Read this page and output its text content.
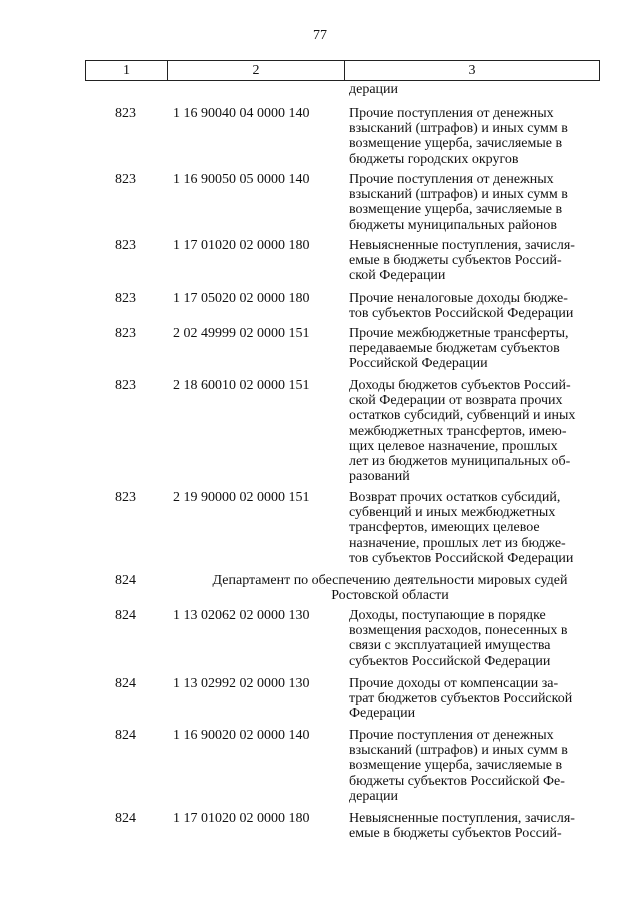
77
1	2	3
дерации
823	1 16 90040 04 0000 140	Прочие поступления от денежных
взысканий (штрафов) и иных сумм в
возмещение ущерба, зачисляемые в
бюджеты городских округов
823	1 16 90050 05 0000 140	Прочие поступления от денежных
взысканий (штрафов) и иных сумм в
возмещение ущерба, зачисляемые в
бюджеты муниципальных районов
823	1 17 01020 02 0000 180	Невыясненные поступления, зачисля-
емые в бюджеты субъектов Россий-
ской Федерации
823	1 17 05020 02 0000 180	Прочие неналоговые доходы бюдже-
тов субъектов Российской Федерации
823	2 02 49999 02 0000 151	Прочие межбюджетные трансферты,
передаваемые бюджетам субъектов
Российской Федерации
823	2 18 60010 02 0000 151	Доходы бюджетов субъектов Россий-
ской Федерации от возврата прочих
остатков субсидий, субвенций и иных
межбюджетных трансфертов, имею-
щих целевое назначение, прошлых
лет из бюджетов муниципальных об-
разований
823	2 19 90000 02 0000 151	Возврат прочих остатков субсидий,
субвенций и иных межбюджетных
трансфертов, имеющих целевое
назначение, прошлых лет из бюдже-
тов субъектов Российской Федерации
824	Департамент по обеспечению деятельности мировых судей
Ростовской области
824	1 13 02062 02 0000 130	Доходы, поступающие в порядке
возмещения расходов, понесенных в
связи с эксплуатацией имущества
субъектов Российской Федерации
824	1 13 02992 02 0000 130	Прочие доходы от компенсации за-
трат бюджетов субъектов Российской
Федерации
824	1 16 90020 02 0000 140	Прочие поступления от денежных
взысканий (штрафов) и иных сумм в
возмещение ущерба, зачисляемые в
бюджеты субъектов Российской Фе-
дерации
824	1 17 01020 02 0000 180	Невыясненные поступления, зачисля-
емые в бюджеты субъектов Россий-
